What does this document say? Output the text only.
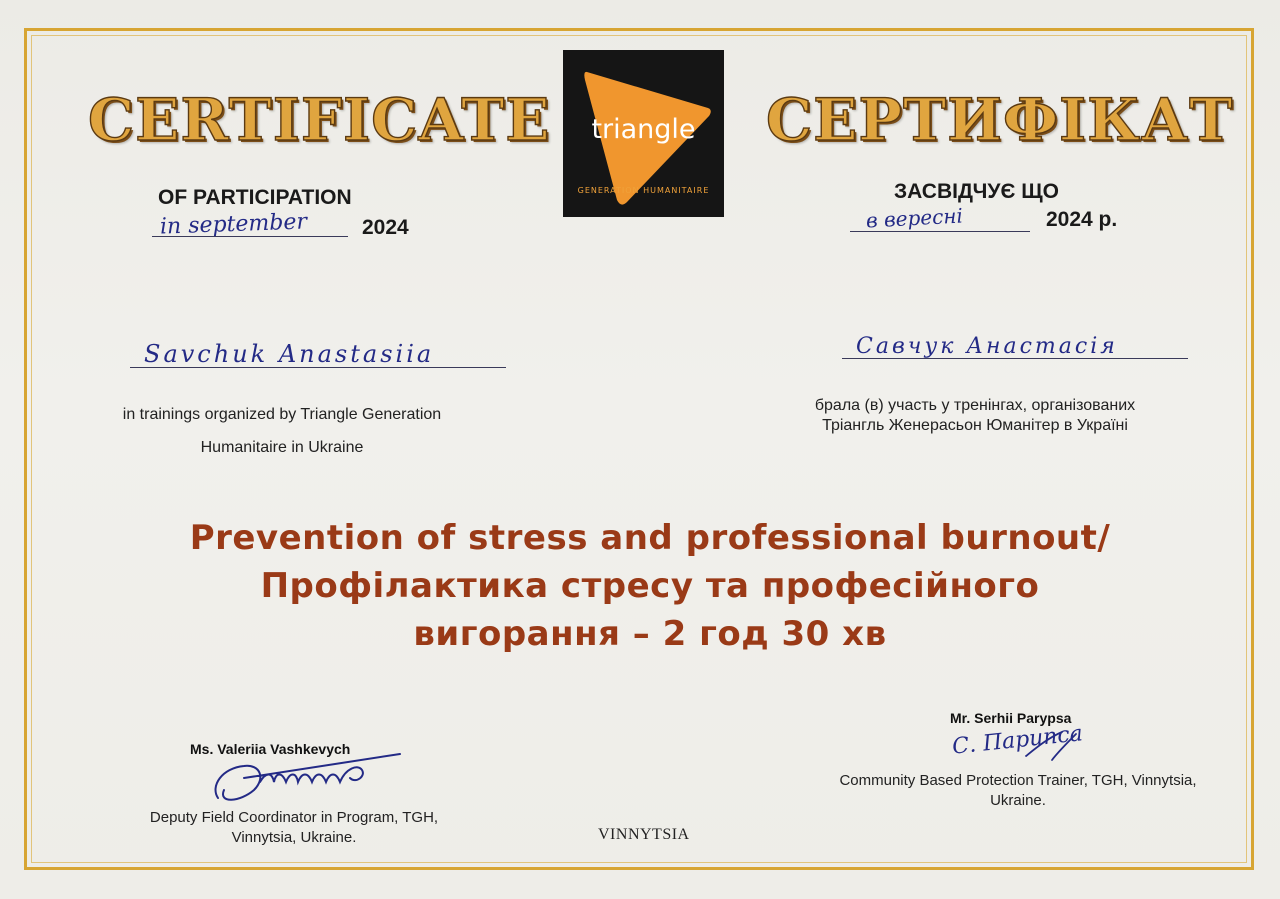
CERTIFICATE	СЕРТИФІКАТ
triangle
GENERATION HUMANITAIRE
OF PARTICIPATION
in september	2024
ЗАСВІДЧУЄ ЩО
в вересні	2024 р.
Savchuk Anastasiia	Савчук Анастасія
in trainings organized by Triangle Generation
Humanitaire in Ukraine
брала (в) участь у тренінгах, організованих
Тріангль Женерасьон Юманітер в Україні
Prevention of stress and professional burnout/
Профілактика стресу та професійного
вигорання – 2 год 30 хв
Ms. Valeriia Vashkevych
Deputy Field Coordinator in Program, TGH,
Vinnytsia, Ukraine.
Mr. Serhii Parypsa
С. Парипса
Community Based Protection Trainer, TGH, Vinnytsia,
Ukraine.
VINNYTSIA
